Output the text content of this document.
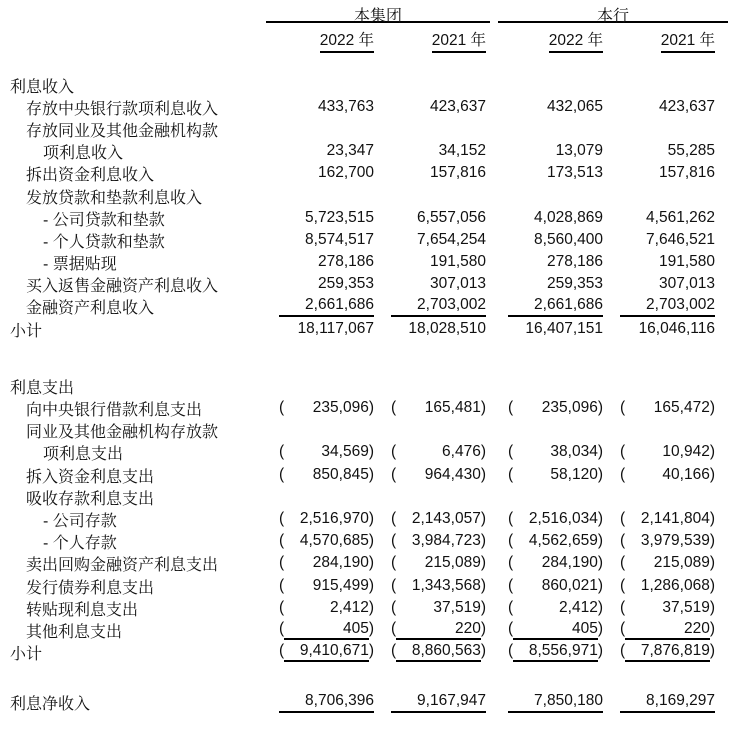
本集团	本行
2022 年	2021 年	2022 年	2021 年
利息收入
存放中央银行款项利息收入	433,763	423,637	432,065	423,637
存放同业及其他金融机构款
项利息收入	23,347	34,152	13,079	55,285
拆出资金利息收入	162,700	157,816	173,513	157,816
发放贷款和垫款利息收入
- 公司贷款和垫款	5,723,515	6,557,056	4,028,869	4,561,262
- 个人贷款和垫款	8,574,517	7,654,254	8,560,400	7,646,521
- 票据贴现	278,186	191,580	278,186	191,580
买入返售金融资产利息收入	259,353	307,013	259,353	307,013
金融资产利息收入	2,661,686	2,703,002	2,661,686	2,703,002
小计	18,117,067	18,028,510	16,407,151	16,046,116
利息支出
向中央银行借款利息支出	(	235,096 ) (	165,481 ) (	235,096 ) (	165,472 )
同业及其他金融机构存放款
项利息支出	(	34,569 ) (	6,476 ) (	38,034 ) (	10,942 )
拆入资金利息支出	(	850,845 ) (	964,430 ) (	58,120 ) (	40,166 )
吸收存款利息支出
- 公司存款	(	2,516,970 ) (	2,143,057 ) (	2,516,034 ) (	2,141,804 )
- 个人存款	(	4,570,685 ) (	3,984,723 ) (	4,562,659 ) (	3,979,539 )
卖出回购金融资产利息支出	(	284,190 ) (	215,089 ) (	284,190 ) (	215,089 )
发行债券利息支出	(	915,499 ) (	1,343,568 ) (	860,021 ) (	1,286,068 )
转贴现利息支出	(	2,412 ) (	37,519 ) (	2,412 ) (	37,519 )
其他利息支出	(	405 ) (	220 ) (	405 ) (	220 )
小计	(	9,410,671 ) (	8,860,563 ) (	8,556,971 ) (	7,876,819 )
利息净收入	8,706,396	9,167,947	7,850,180	8,169,297
